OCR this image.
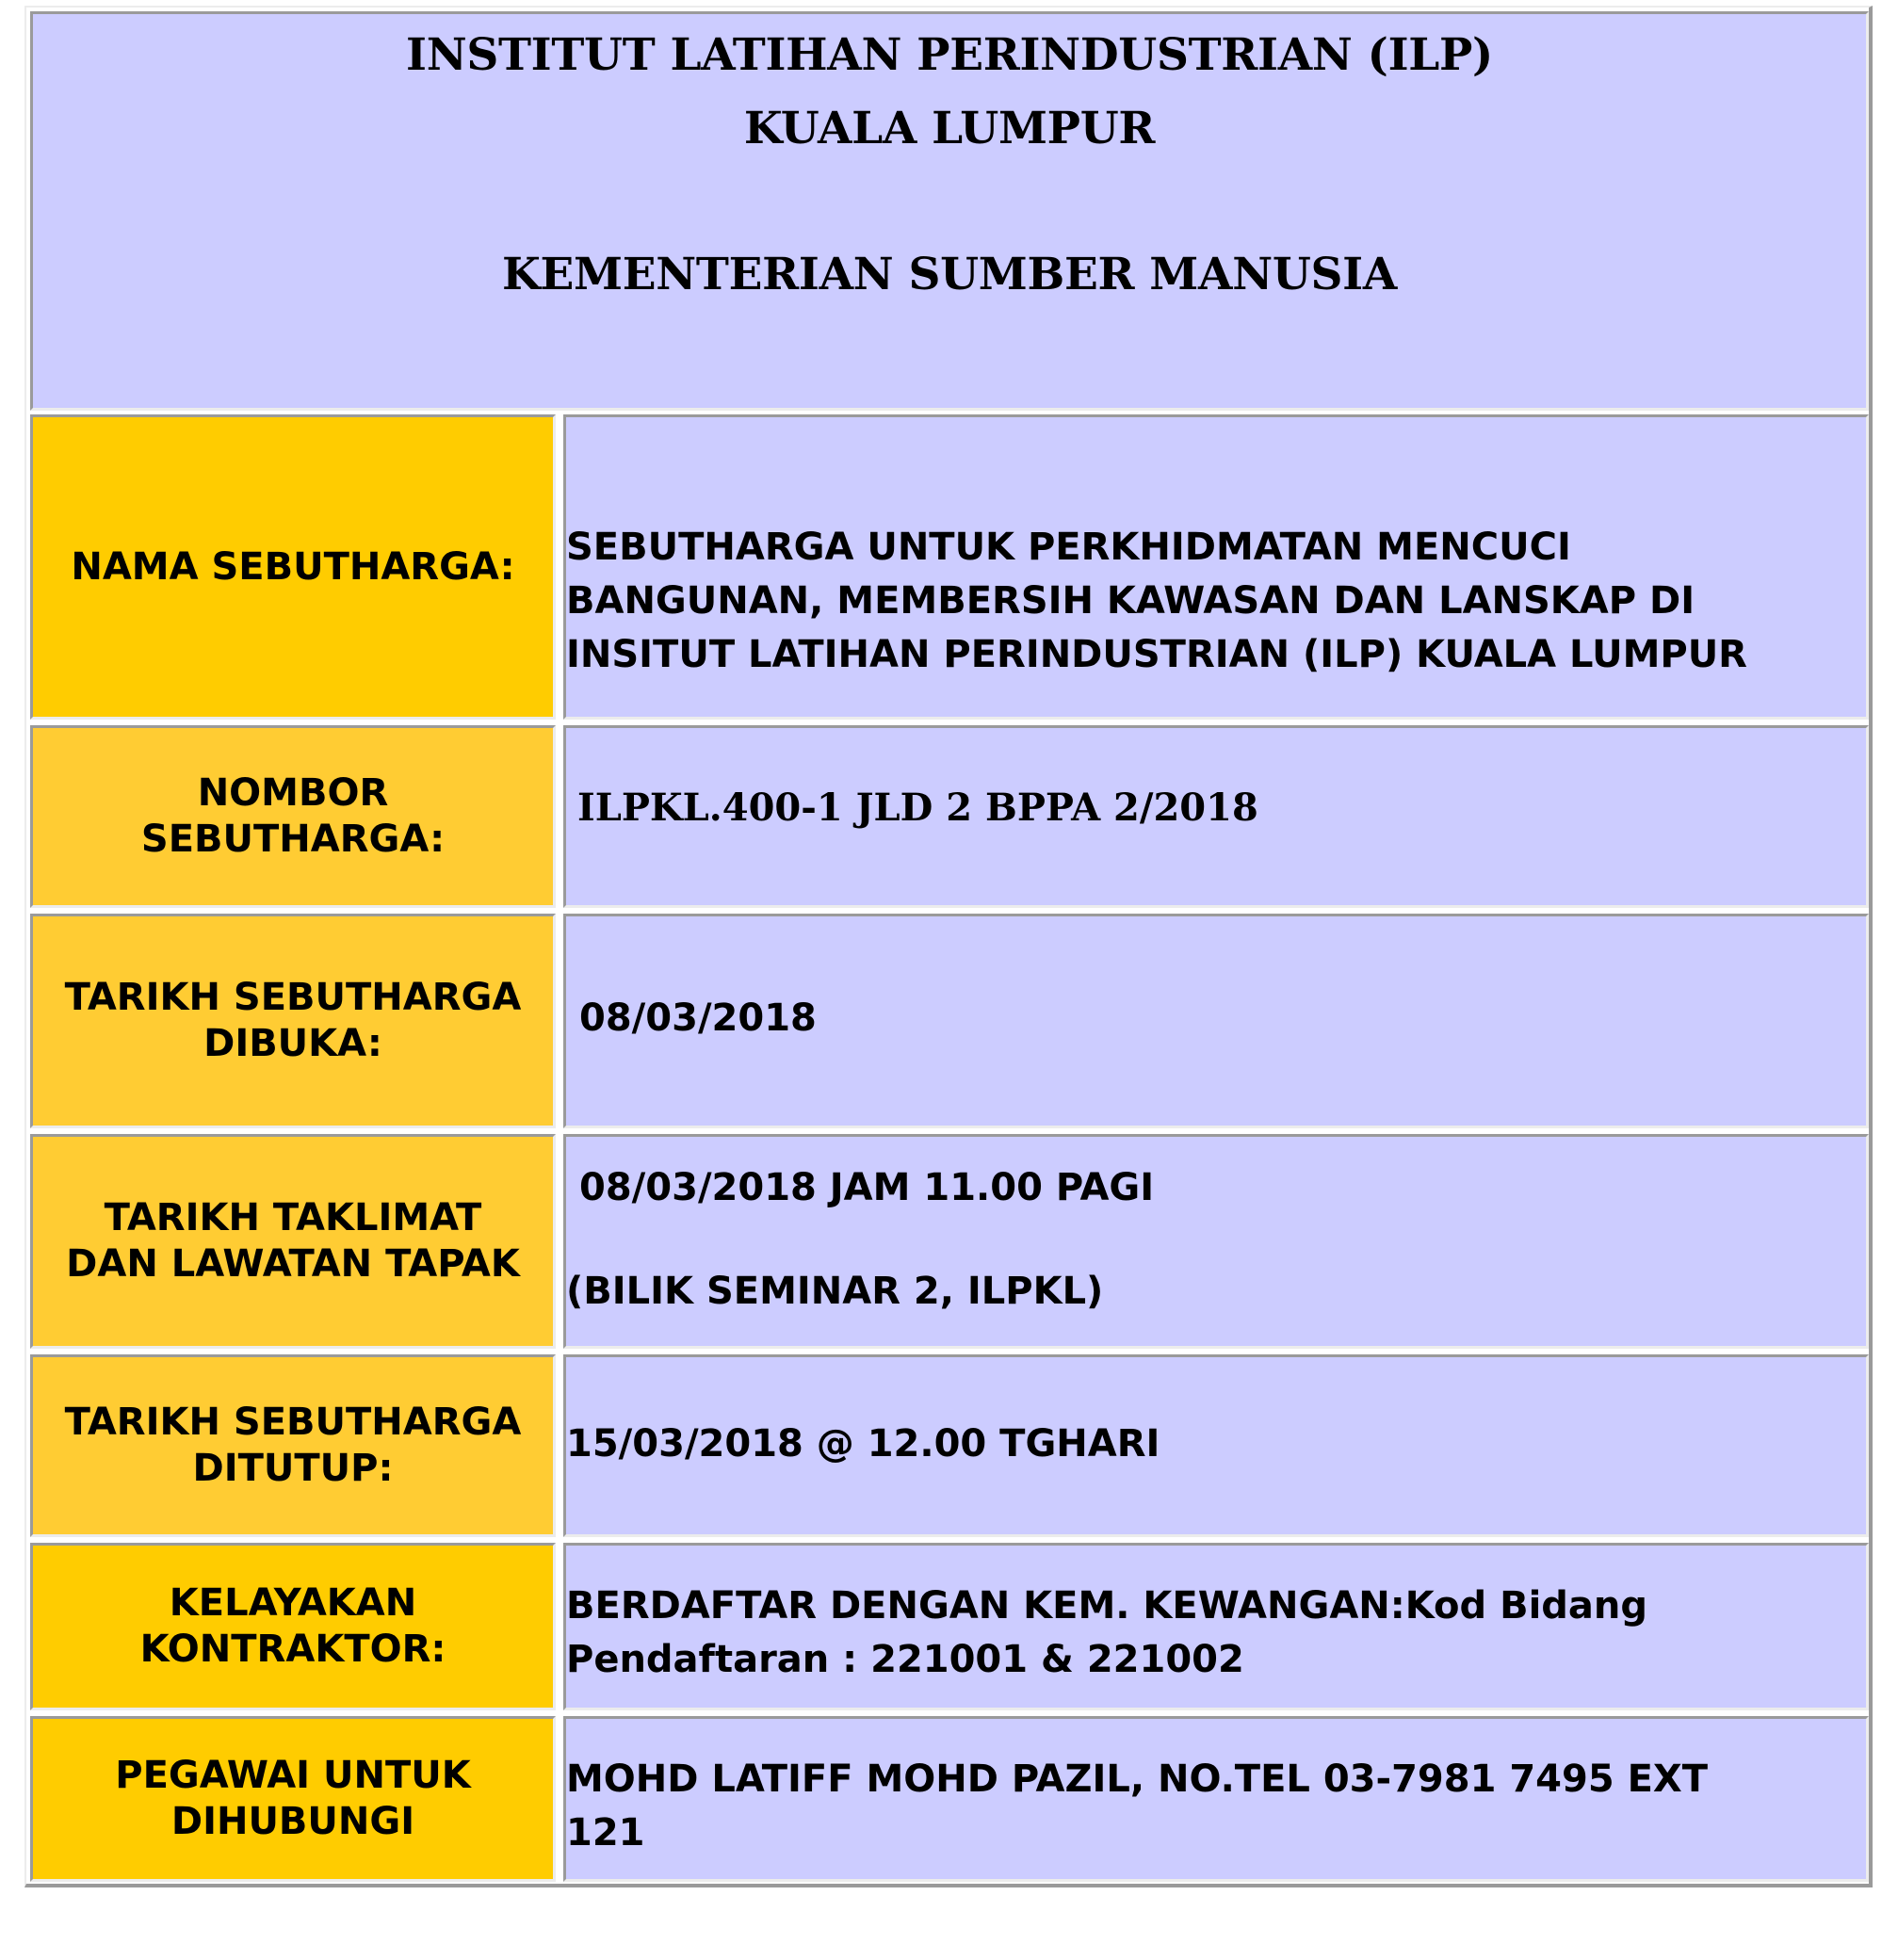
INSTITUT LATIHAN PERINDUSTRIAN (ILP)
KUALA LUMPUR
KEMENTERIAN SUMBER MANUSIA
NAMA SEBUTHARGA: SEBUTHARGA UNTUK PERKHIDMATAN MENCUCI
BANGUNAN, MEMBERSIH KAWASAN DAN LANSKAP DI
INSITUT LATIHAN PERINDUSTRIAN (ILP) KUALA LUMPUR
NOMBOR
SEBUTHARGA:
ILPKL.400-1 JLD 2 BPPA 2/2018
TARIKH SEBUTHARGA
DIBUKA:
08/03/2018
TARIKH TAKLIMAT
DAN LAWATAN TAPAK
08/03/2018 JAM 11.00 PAGI
(BILIK SEMINAR 2, ILPKL)
TARIKH SEBUTHARGA
DITUTUP:
15/03/2018 @ 12.00 TGHARI
KELAYAKAN
KONTRAKTOR:
BERDAFTAR DENGAN KEM. KEWANGAN:Kod Bidang
Pendaftaran : 221001 & 221002
PEGAWAI UNTUK
DIHUBUNGI
MOHD LATIFF MOHD PAZIL, NO.TEL 03-7981 7495 EXT
121
